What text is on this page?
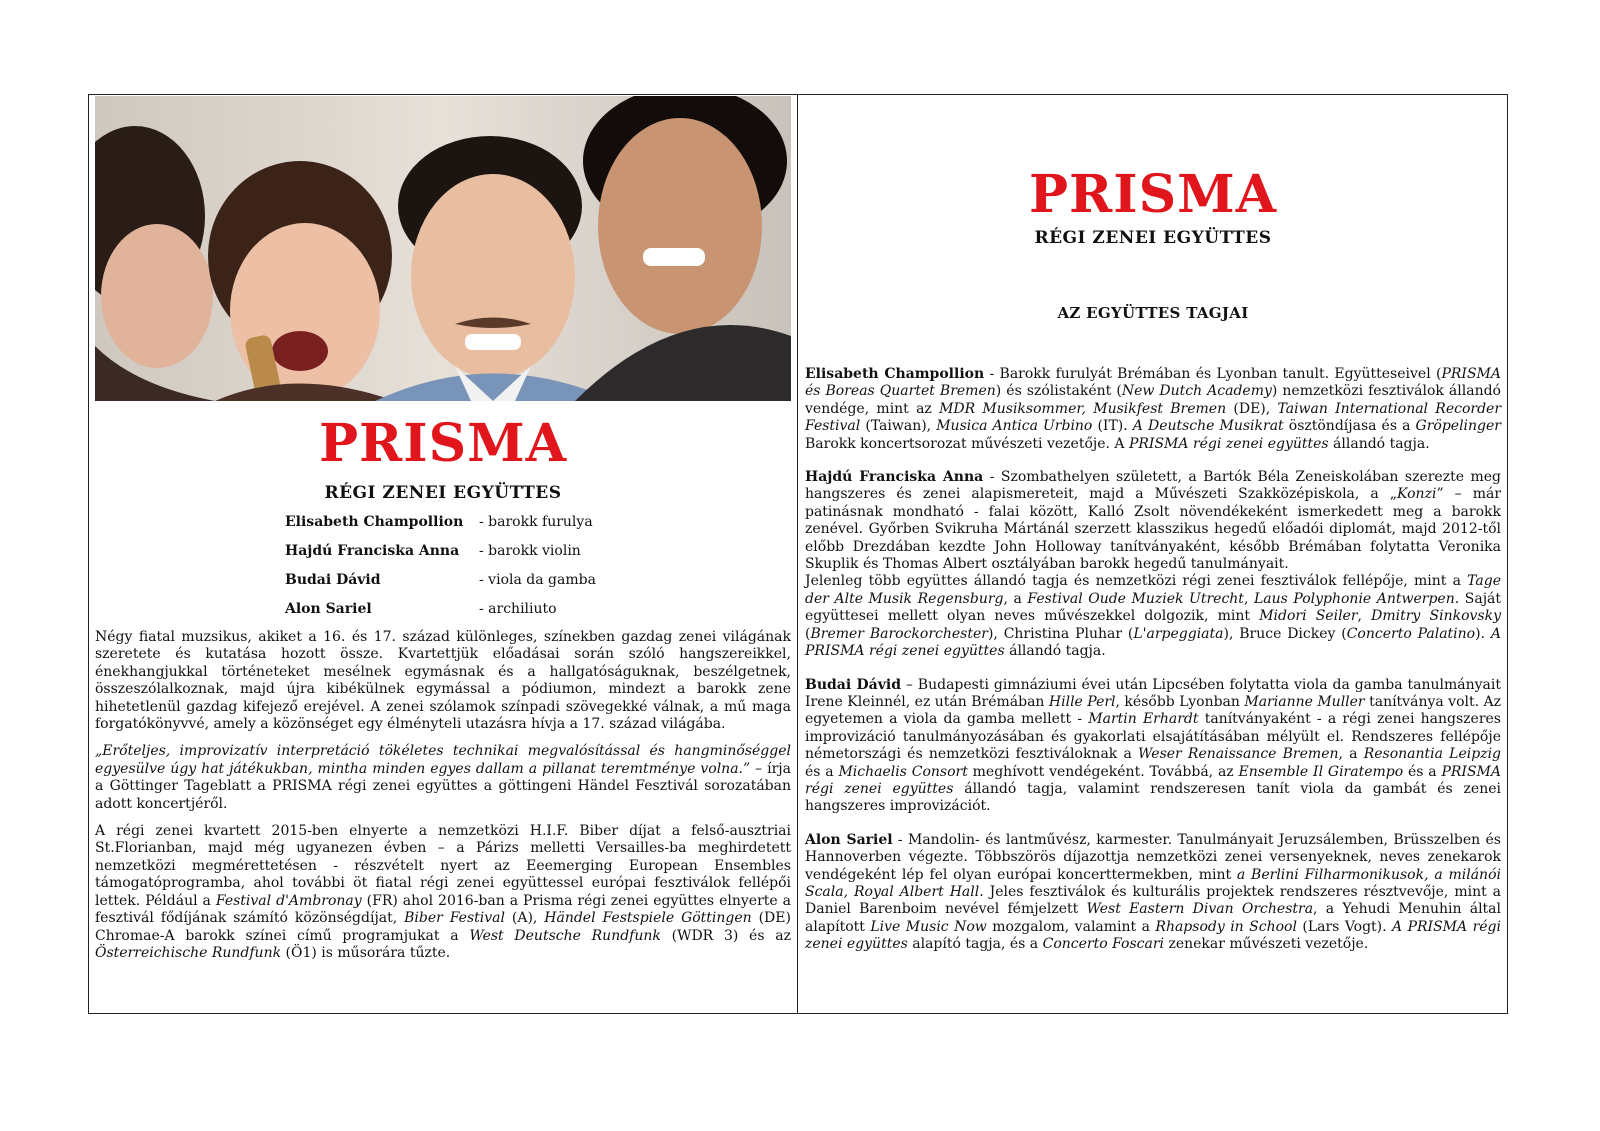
PRISMA
RÉGI ZENEI EGYÜTTES
Elisabeth Champollion	- barokk furulya
Hajdú Franciska Anna	- barokk violin
Budai Dávid	- viola da gamba
Alon Sariel	- archiliuto

Négy fiatal muzsikus, akiket a 16. és 17. század különleges, színekben gazdag zenei világának szeretete és kutatása hozott össze. Kvartettjük előadásai során szóló hangszereikkel, énekhangjukkal történeteket mesélnek egymásnak és a hallgatóságuknak, beszélgetnek, összeszólalkoznak, majd újra kibékülnek egymással a pódiumon, mindezt a barokk zene hihetetlenül gazdag kifejező erejével. A zenei szólamok színpadi szövegekké válnak, a mű maga forgatókönyvvé, amely a közönséget egy élményteli utazásra hívja a 17. század világába.

„Erőteljes, improvizatív interpretáció tökéletes technikai megvalósítással és hangminőséggel egyesülve úgy hat játékukban, mintha minden egyes dallam a pillanat teremtménye volna.” – írja a Göttinger Tageblatt a PRISMA régi zenei együttes a göttingeni Händel Fesztivál sorozatában adott koncertjéről.

A régi zenei kvartett 2015-ben elnyerte a nemzetközi H.I.F. Biber díjat a felső-ausztriai St.Florianban, majd még ugyanezen évben – a Párizs melletti Versailles-ba meghirdetett nemzetközi megmérettetésen - részvételt nyert az Eeemerging European Ensembles támogatóprogramba, ahol további öt fiatal régi zenei együttessel európai fesztiválok fellépői lettek. Például a Festival d'Ambronay (FR) ahol 2016-ban a Prisma régi zenei együttes elnyerte a fesztivál fődíjának számító közönségdíjat, Biber Festival (A), Händel Festspiele Göttingen (DE) Chromae-A barokk színei című programjukat a West Deutsche Rundfunk (WDR 3) és az Österreichische Rundfunk (Ö1) is műsorára tűzte.

PRISMA
RÉGI ZENEI EGYÜTTES
AZ EGYÜTTES TAGJAI

Elisabeth Champollion - Barokk furulyát Brémában és Lyonban tanult. Együtteseivel (PRISMA és Boreas Quartet Bremen) és szólistaként (New Dutch Academy) nemzetközi fesztiválok állandó vendége, mint az MDR Musiksommer, Musikfest Bremen (DE), Taiwan International Recorder Festival (Taiwan), Musica Antica Urbino (IT). A Deutsche Musikrat ösztöndíjasa és a Gröpelinger Barokk koncertsorozat művészeti vezetője. A PRISMA régi zenei együttes állandó tagja.

Hajdú Franciska Anna - Szombathelyen született, a Bartók Béla Zeneiskolában szerezte meg hangszeres és zenei alapismereteit, majd a Művészeti Szakközépiskola, a „Konzi” – már patinásnak mondható - falai között, Kalló Zsolt növendékeként ismerkedett meg a barokk zenével. Győrben Svikruha Mártánál szerzett klasszikus hegedű előadói diplomát, majd 2012-től előbb Drezdában kezdte John Holloway tanítványaként, később Brémában folytatta Veronika Skuplik és Thomas Albert osztályában barokk hegedű tanulmányait.

Jelenleg több együttes állandó tagja és nemzetközi régi zenei fesztiválok fellépője, mint a Tage der Alte Musik Regensburg, a Festival Oude Muziek Utrecht, Laus Polyphonie Antwerpen. Saját együttesei mellett olyan neves művészekkel dolgozik, mint Midori Seiler, Dmitry Sinkovsky (Bremer Barockorchester), Christina Pluhar (L'arpeggiata), Bruce Dickey (Concerto Palatino). A PRISMA régi zenei együttes állandó tagja.

Budai Dávid – Budapesti gimnáziumi évei után Lipcsében folytatta viola da gamba tanulmányait Irene Kleinnél, ez után Brémában Hille Perl, később Lyonban Marianne Muller tanítványa volt. Az egyetemen a viola da gamba mellett - Martin Erhardt tanítványaként - a régi zenei hangszeres improvizáció tanulmányozásában és gyakorlati elsajátításában mélyült el. Rendszeres fellépője németországi és nemzetközi fesztiváloknak a Weser Renaissance Bremen, a Resonantia Leipzig és a Michaelis Consort meghívott vendégeként. Továbbá, az Ensemble Il Giratempo és a PRISMA régi zenei együttes állandó tagja, valamint rendszeresen tanít viola da gambát és zenei hangszeres improvizációt.

Alon Sariel - Mandolin- és lantművész, karmester. Tanulmányait Jeruzsálemben, Brüsszelben és Hannoverben végezte. Többszörös díjazottja nemzetközi zenei versenyeknek, neves zenekarok vendégeként lép fel olyan európai koncerttermekben, mint a Berlini Filharmonikusok, a milánói Scala, Royal Albert Hall. Jeles fesztiválok és kulturális projektek rendszeres résztvevője, mint a Daniel Barenboim nevével fémjelzett West Eastern Divan Orchestra, a Yehudi Menuhin által alapított Live Music Now mozgalom, valamint a Rhapsody in School (Lars Vogt). A PRISMA régi zenei együttes alapító tagja, és a Concerto Foscari zenekar művészeti vezetője.
